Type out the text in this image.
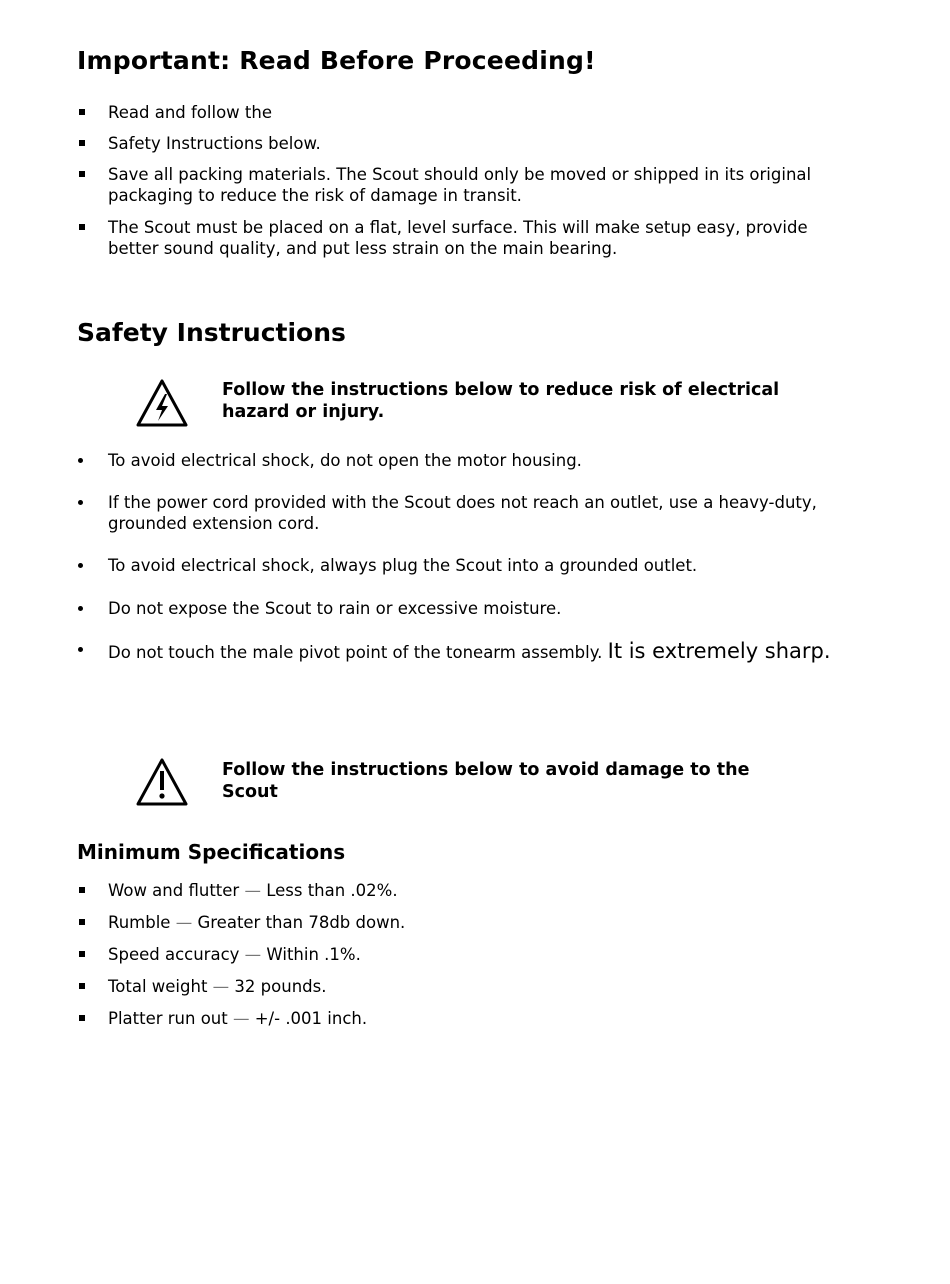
Important: Read Before Proceeding!
Read and follow the
Safety Instructions below.
Save all packing materials. The Scout should only be moved or shipped in its original packaging to reduce the risk of damage in transit.
The Scout must be placed on a flat, level surface. This will make setup easy, provide better sound quality, and put less strain on the main bearing.
Safety Instructions
Follow the instructions below to reduce risk of electrical hazard or injury.
To avoid electrical shock, do not open the motor housing.
If the power cord provided with the Scout does not reach an outlet, use a heavy-duty, grounded extension cord.
To avoid electrical shock, always plug the Scout into a grounded outlet.
Do not expose the Scout to rain or excessive moisture.
Do not touch the male pivot point of the tonearm assembly. It is extremely sharp.
Follow the instructions below to avoid damage to the Scout
Minimum Specifications
Wow and flutter — Less than .02%.
Rumble — Greater than 78db down.
Speed accuracy — Within .1%.
Total weight — 32 pounds.
Platter run out — +/- .001 inch.
